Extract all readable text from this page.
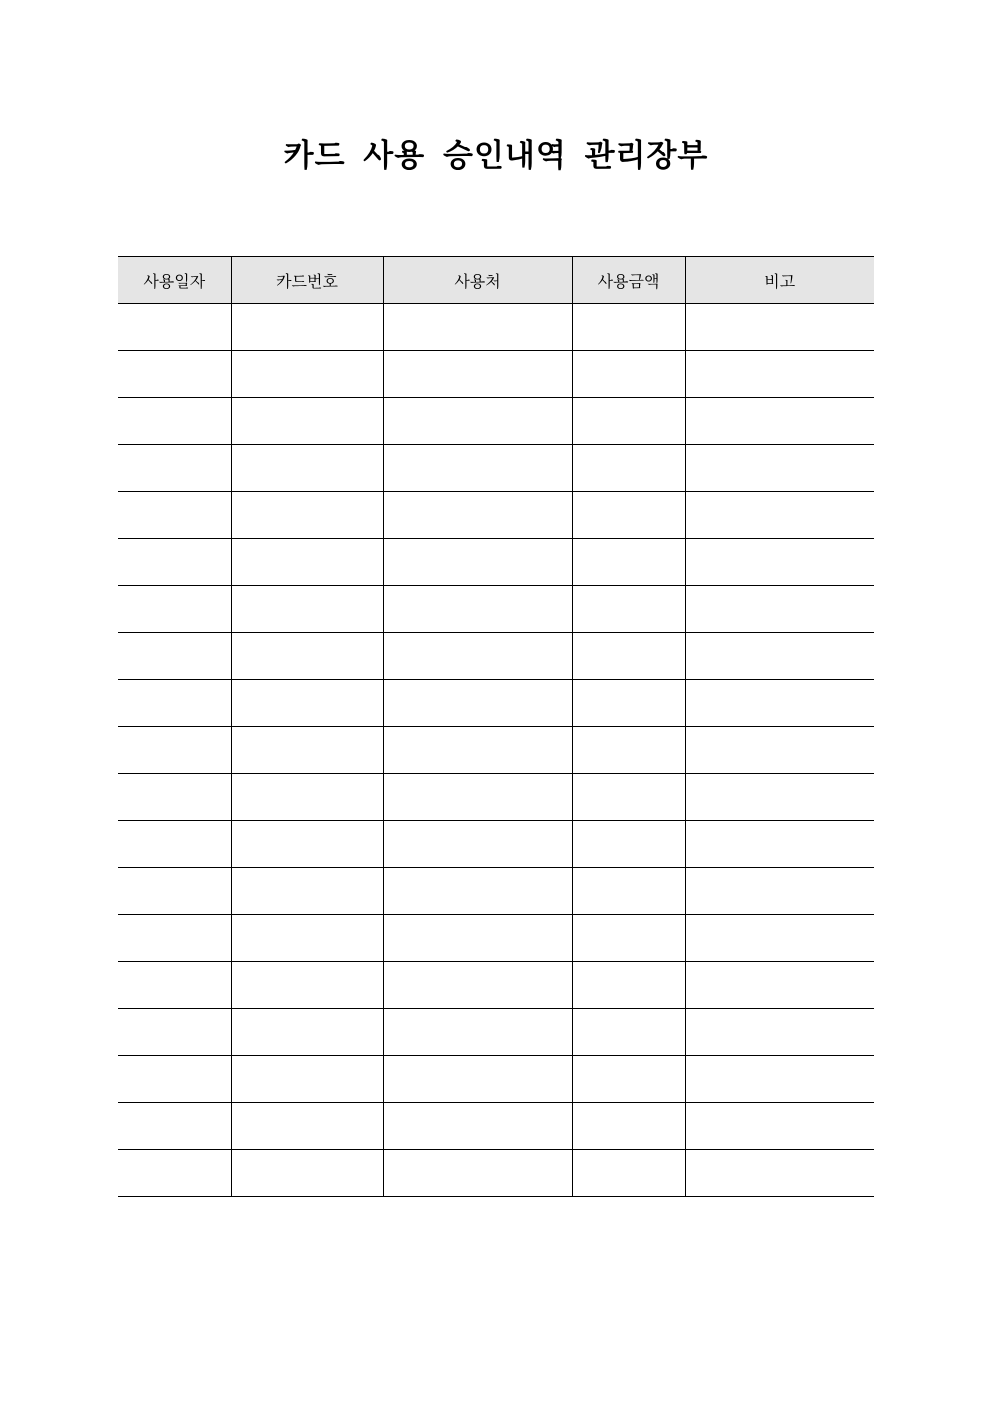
카드 사용 승인내역 관리장부
사용일자	카드번호	사용처	사용금액	비고
